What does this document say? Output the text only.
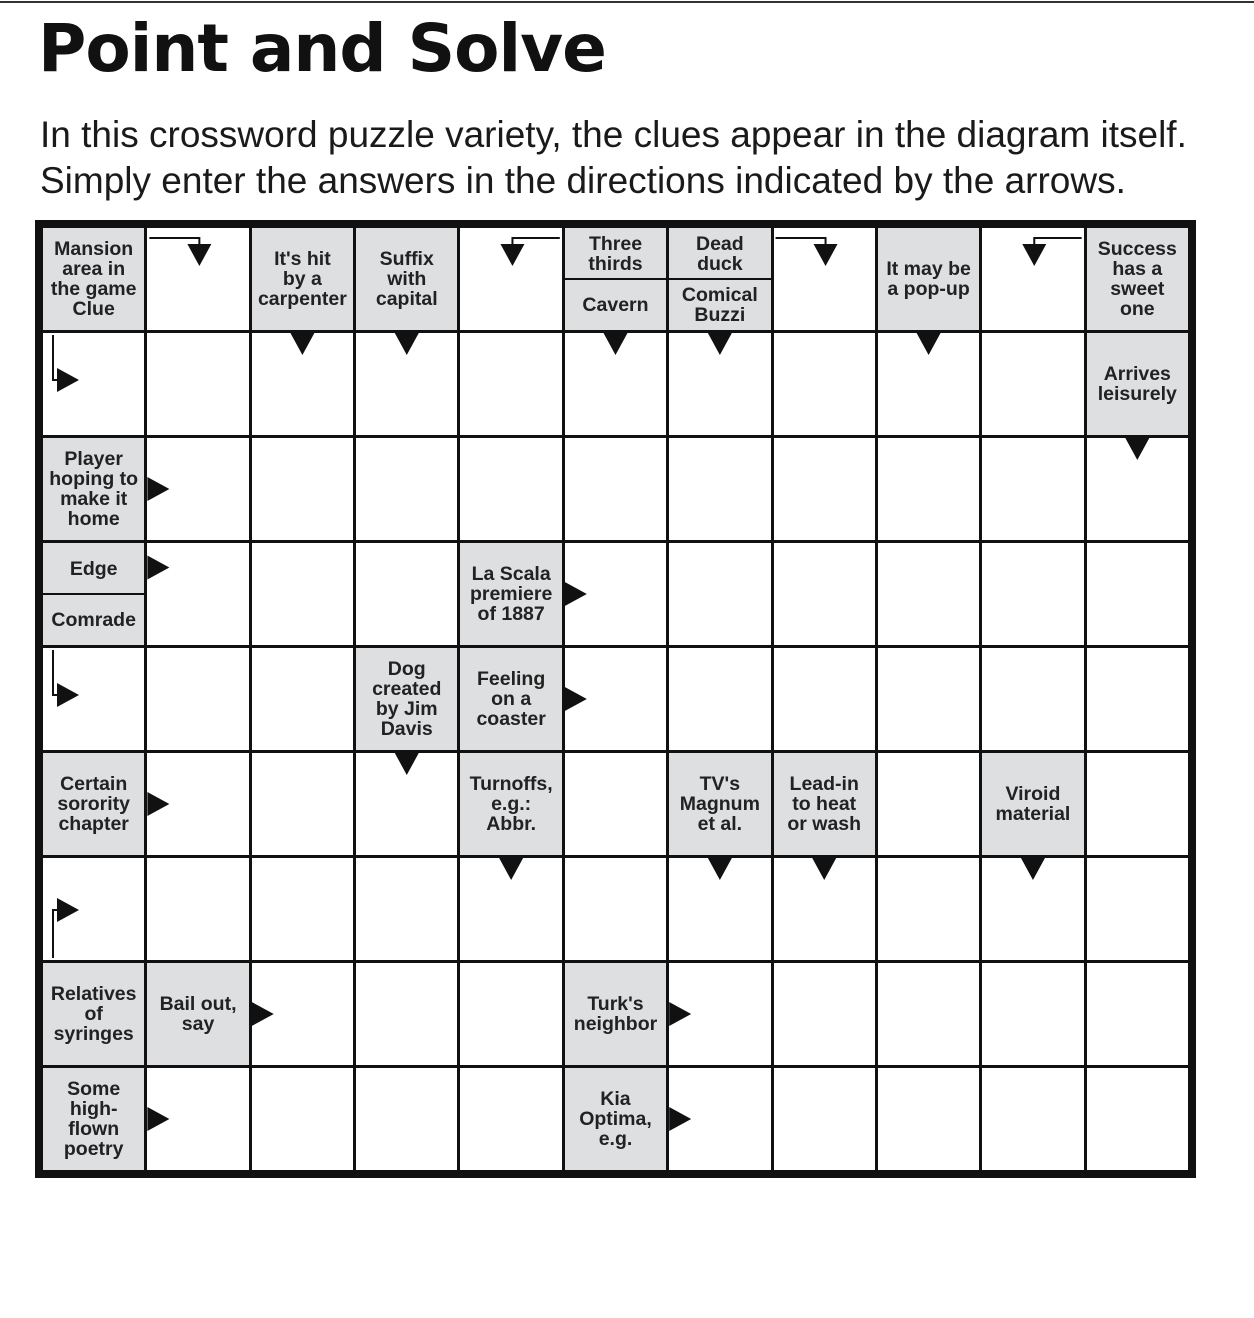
Point and Solve

In this crossword puzzle variety, the clues appear in the diagram itself.
Simply enter the answers in the directions indicated by the arrows.

Mansion
area in
the game
Clue
It's hit
by a
carpenter
Suffix
with
capital
Three
thirds
Cavern
Dead
duck
Comical
Buzzi
It may be
a pop-up
Success
has a
sweet
one
Arrives
leisurely
Player
hoping to
make it
home
Edge
Comrade
La Scala
premiere
of 1887
Dog
created
by Jim
Davis
Feeling
on a
coaster
Certain
sorority
chapter
Turnoffs,
e.g.:
Abbr.
TV's
Magnum
et al.
Lead-in
to heat
or wash
Viroid
material
Relatives
of
syringes
Bail out,
say
Turk's
neighbor
Some
high-
flown
poetry
Kia
Optima,
e.g.
